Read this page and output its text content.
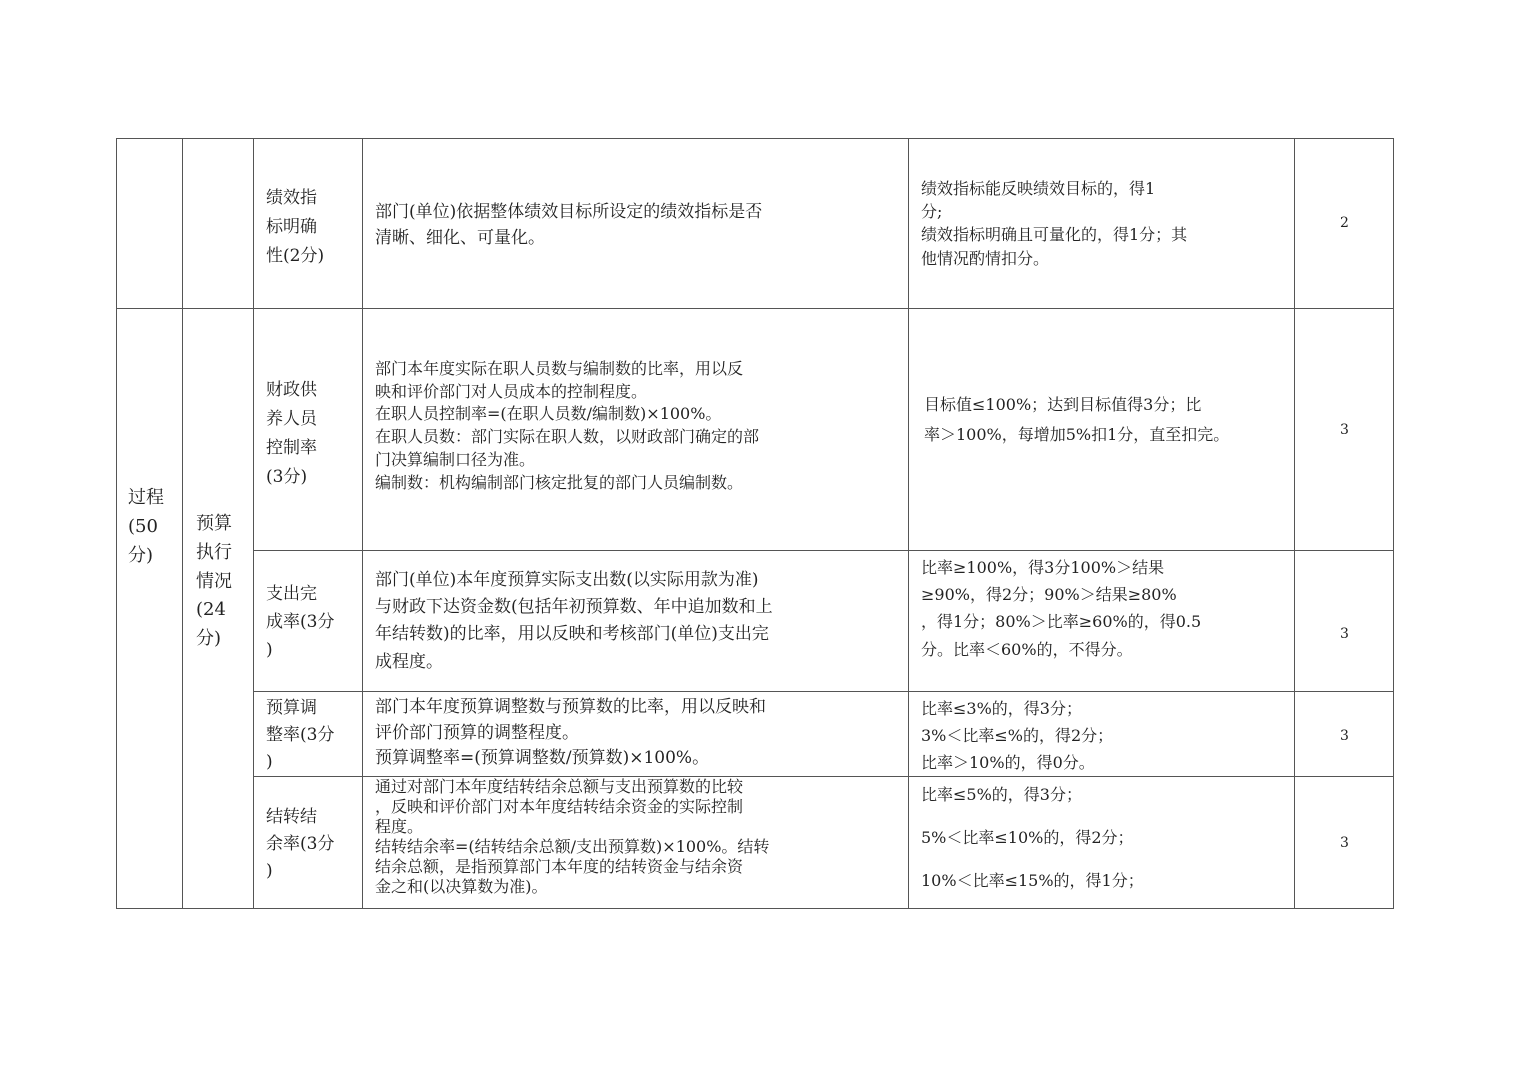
过程
(50
分)
预算
执行
情况
(24
分)
绩效指
标明确
性(2分)
部门(单位)依据整体绩效目标所设定的绩效指标是否
清晰、细化、可量化。
绩效指标能反映绩效目标的，得1
分;
绩效指标明确且可量化的，得1分；其
他情况酌情扣分。
2
财政供
养人员
控制率
(3分)
部门本年度实际在职人员数与编制数的比率，用以反
映和评价部门对人员成本的控制程度。
在职人员控制率=(在职人员数/编制数)×100%。
在职人员数：部门实际在职人数，以财政部门确定的部
门决算编制口径为准。
编制数：机构编制部门核定批复的部门人员编制数。
目标值≤100%；达到目标值得3分；比
率＞100%，每增加5%扣1分，直至扣完。	3
支出完
成率(3分
)
部门(单位)本年度预算实际支出数(以实际用款为准)
与财政下达资金数(包括年初预算数、年中追加数和上
年结转数)的比率，用以反映和考核部门(单位)支出完
成程度。
比率≥100%，得3分100%＞结果
≥90%，得2分；90%＞结果≥80%
，得1分；80%＞比率≥60%的，得0.5
分。比率＜60%的，不得分。
3
预算调
整率(3分
)
部门本年度预算调整数与预算数的比率，用以反映和
评价部门预算的调整程度。
预算调整率=(预算调整数/预算数)×100%。
比率≤3%的，得3分；
3%＜比率≤%的，得2分；
比率＞10%的，得0分。
3
结转结
余率(3分
)
通过对部门本年度结转结余总额与支出预算数的比较
，反映和评价部门对本年度结转结余资金的实际控制
程度。
结转结余率=(结转结余总额/支出预算数)×100%。结转
结余总额，是指预算部门本年度的结转资金与结余资
金之和(以决算数为准)。
比率≤5%的，得3分；

5%＜比率≤10%的，得2分；

10%＜比率≤15%的，得1分；
3
